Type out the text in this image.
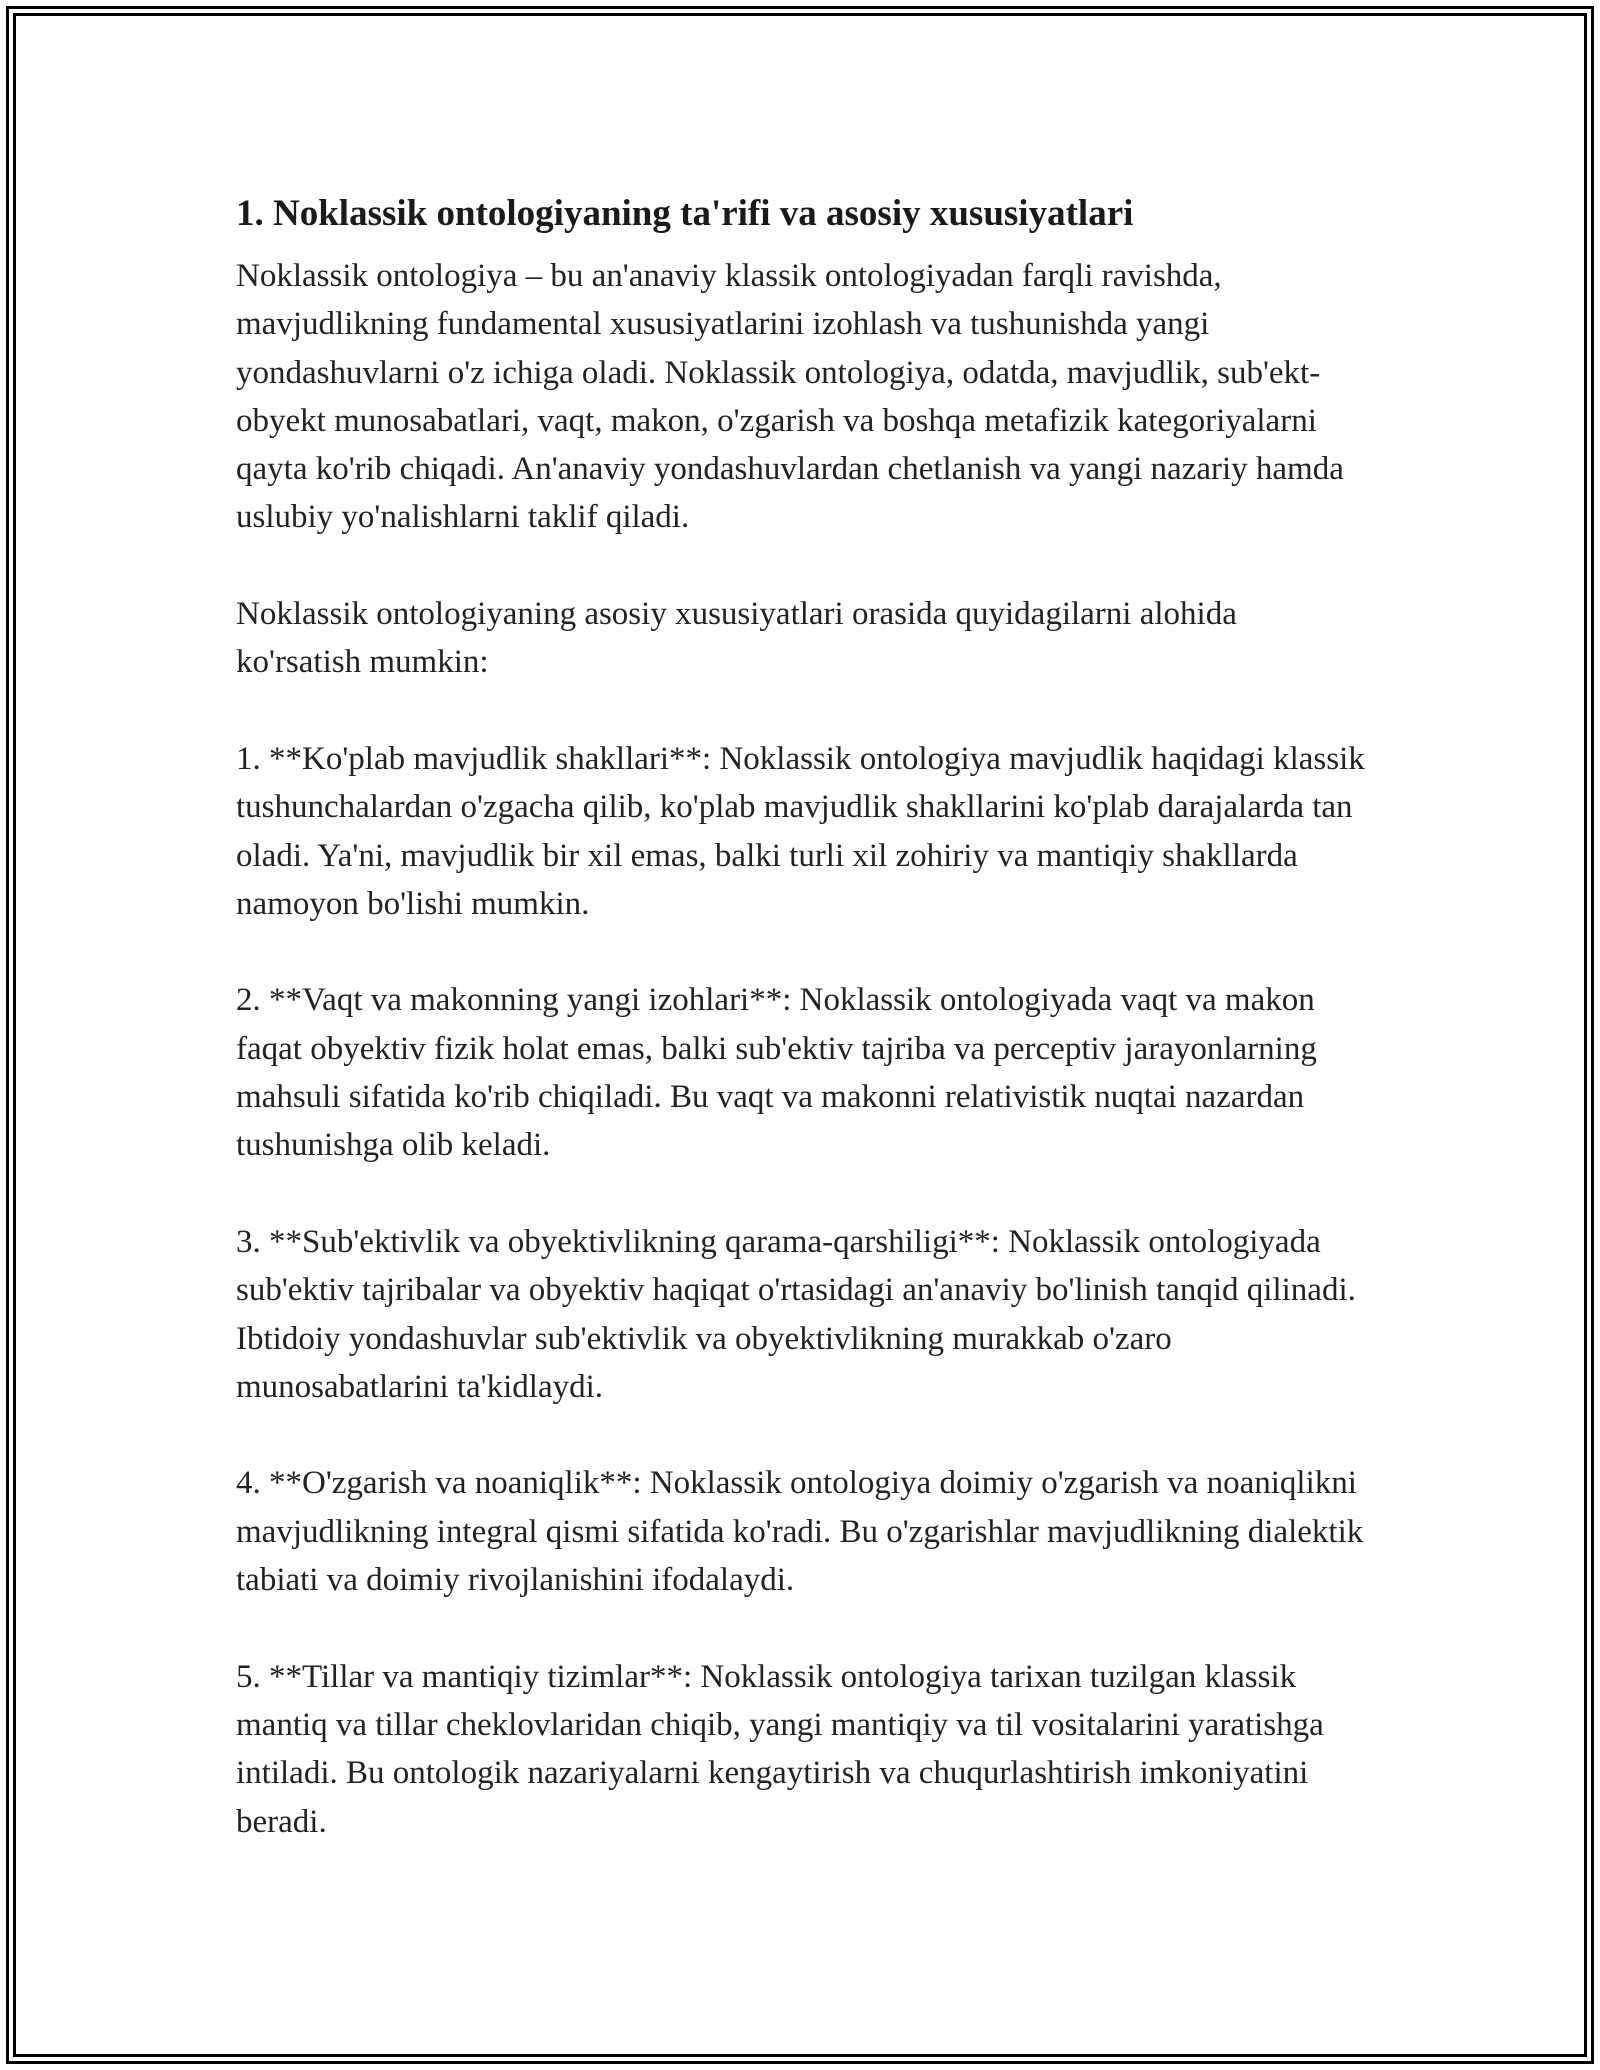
1. Noklassik ontologiyaning ta'rifi va asosiy xususiyatlari

Noklassik ontologiya – bu an'anaviy klassik ontologiyadan farqli ravishda, mavjudlikning fundamental xususiyatlarini izohlash va tushunishda yangi yondashuvlarni o'z ichiga oladi. Noklassik ontologiya, odatda, mavjudlik, sub'ekt-obyekt munosabatlari, vaqt, makon, o'zgarish va boshqa metafizik kategoriyalarni qayta ko'rib chiqadi. An'anaviy yondashuvlardan chetlanish va yangi nazariy hamda uslubiy yo'nalishlarni taklif qiladi.

Noklassik ontologiyaning asosiy xususiyatlari orasida quyidagilarni alohida ko'rsatish mumkin:

1. **Ko'plab mavjudlik shakllari**: Noklassik ontologiya mavjudlik haqidagi klassik tushunchalardan o'zgacha qilib, ko'plab mavjudlik shakllarini ko'plab darajalarda tan oladi. Ya'ni, mavjudlik bir xil emas, balki turli xil zohiriy va mantiqiy shakllarda namoyon bo'lishi mumkin.

2. **Vaqt va makonning yangi izohlari**: Noklassik ontologiyada vaqt va makon faqat obyektiv fizik holat emas, balki sub'ektiv tajriba va perceptiv jarayonlarning mahsuli sifatida ko'rib chiqiladi. Bu vaqt va makonni relativistik nuqtai nazardan tushunishga olib keladi.

3. **Sub'ektivlik va obyektivlikning qarama-qarshiligi**: Noklassik ontologiyada sub'ektiv tajribalar va obyektiv haqiqat o'rtasidagi an'anaviy bo'linish tanqid qilinadi. Ibtidoiy yondashuvlar sub'ektivlik va obyektivlikning murakkab o'zaro munosabatlarini ta'kidlaydi.

4. **O'zgarish va noaniqlik**: Noklassik ontologiya doimiy o'zgarish va noaniqlikni mavjudlikning integral qismi sifatida ko'radi. Bu o'zgarishlar mavjudlikning dialektik tabiati va doimiy rivojlanishini ifodalaydi.

5. **Tillar va mantiqiy tizimlar**: Noklassik ontologiya tarixan tuzilgan klassik mantiq va tillar cheklovlaridan chiqib, yangi mantiqiy va til vositalarini yaratishga intiladi. Bu ontologik nazariyalarni kengaytirish va chuqurlashtirish imkoniyatini beradi.
